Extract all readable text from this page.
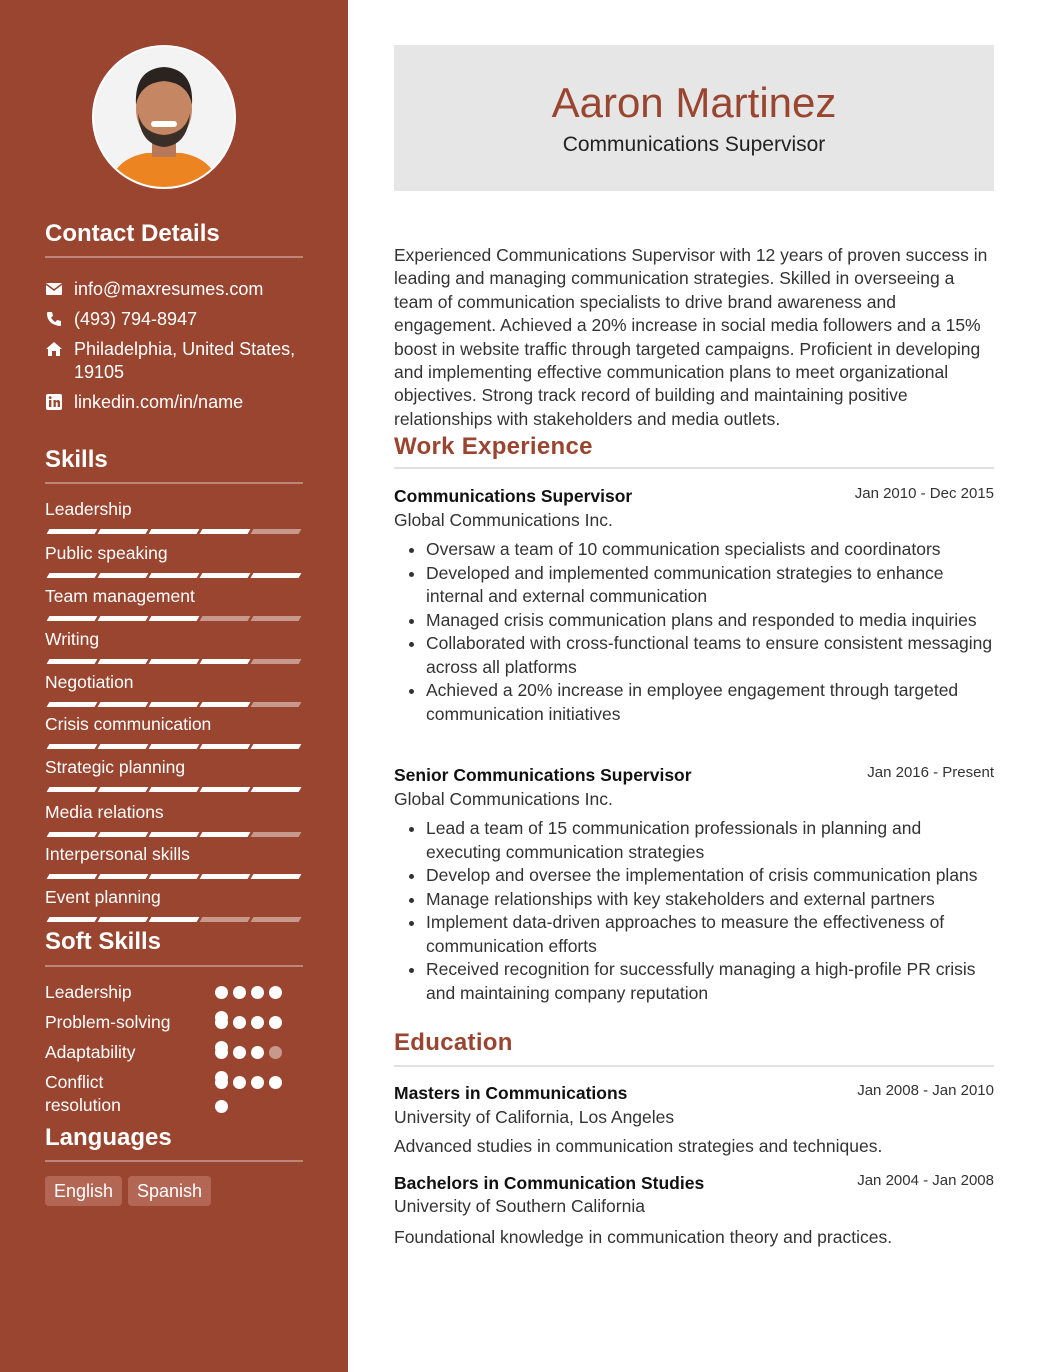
Contact Details
info@maxresumes.com
(493) 794-8947
Philadelphia, United States, 19105
linkedin.com/in/name
Skills
Leadership
Public speaking
Team management
Writing
Negotiation
Crisis communication
Strategic planning
Media relations
Interpersonal skills
Event planning
Soft Skills
Leadership
Problem-solving
Adaptability
Conflict resolution
Languages
English	Spanish
Aaron Martinez
Communications Supervisor
Experienced Communications Supervisor with 12 years of proven success in leading and managing communication strategies. Skilled in overseeing a team of communication specialists to drive brand awareness and engagement. Achieved a 20% increase in social media followers and a 15% boost in website traffic through targeted campaigns. Proficient in developing and implementing effective communication plans to meet organizational objectives. Strong track record of building and maintaining positive relationships with stakeholders and media outlets.
Work Experience
Communications Supervisor	Jan 2010 - Dec 2015
Global Communications Inc.
• Oversaw a team of 10 communication specialists and coordinators
• Developed and implemented communication strategies to enhance internal and external communication
• Managed crisis communication plans and responded to media inquiries
• Collaborated with cross-functional teams to ensure consistent messaging across all platforms
• Achieved a 20% increase in employee engagement through targeted communication initiatives
Senior Communications Supervisor	Jan 2016 - Present
Global Communications Inc.
• Lead a team of 15 communication professionals in planning and executing communication strategies
• Develop and oversee the implementation of crisis communication plans
• Manage relationships with key stakeholders and external partners
• Implement data-driven approaches to measure the effectiveness of communication efforts
• Received recognition for successfully managing a high-profile PR crisis and maintaining company reputation
Education
Masters in Communications	Jan 2008 - Jan 2010
University of California, Los Angeles
Advanced studies in communication strategies and techniques.
Bachelors in Communication Studies	Jan 2004 - Jan 2008
University of Southern California
Foundational knowledge in communication theory and practices.
